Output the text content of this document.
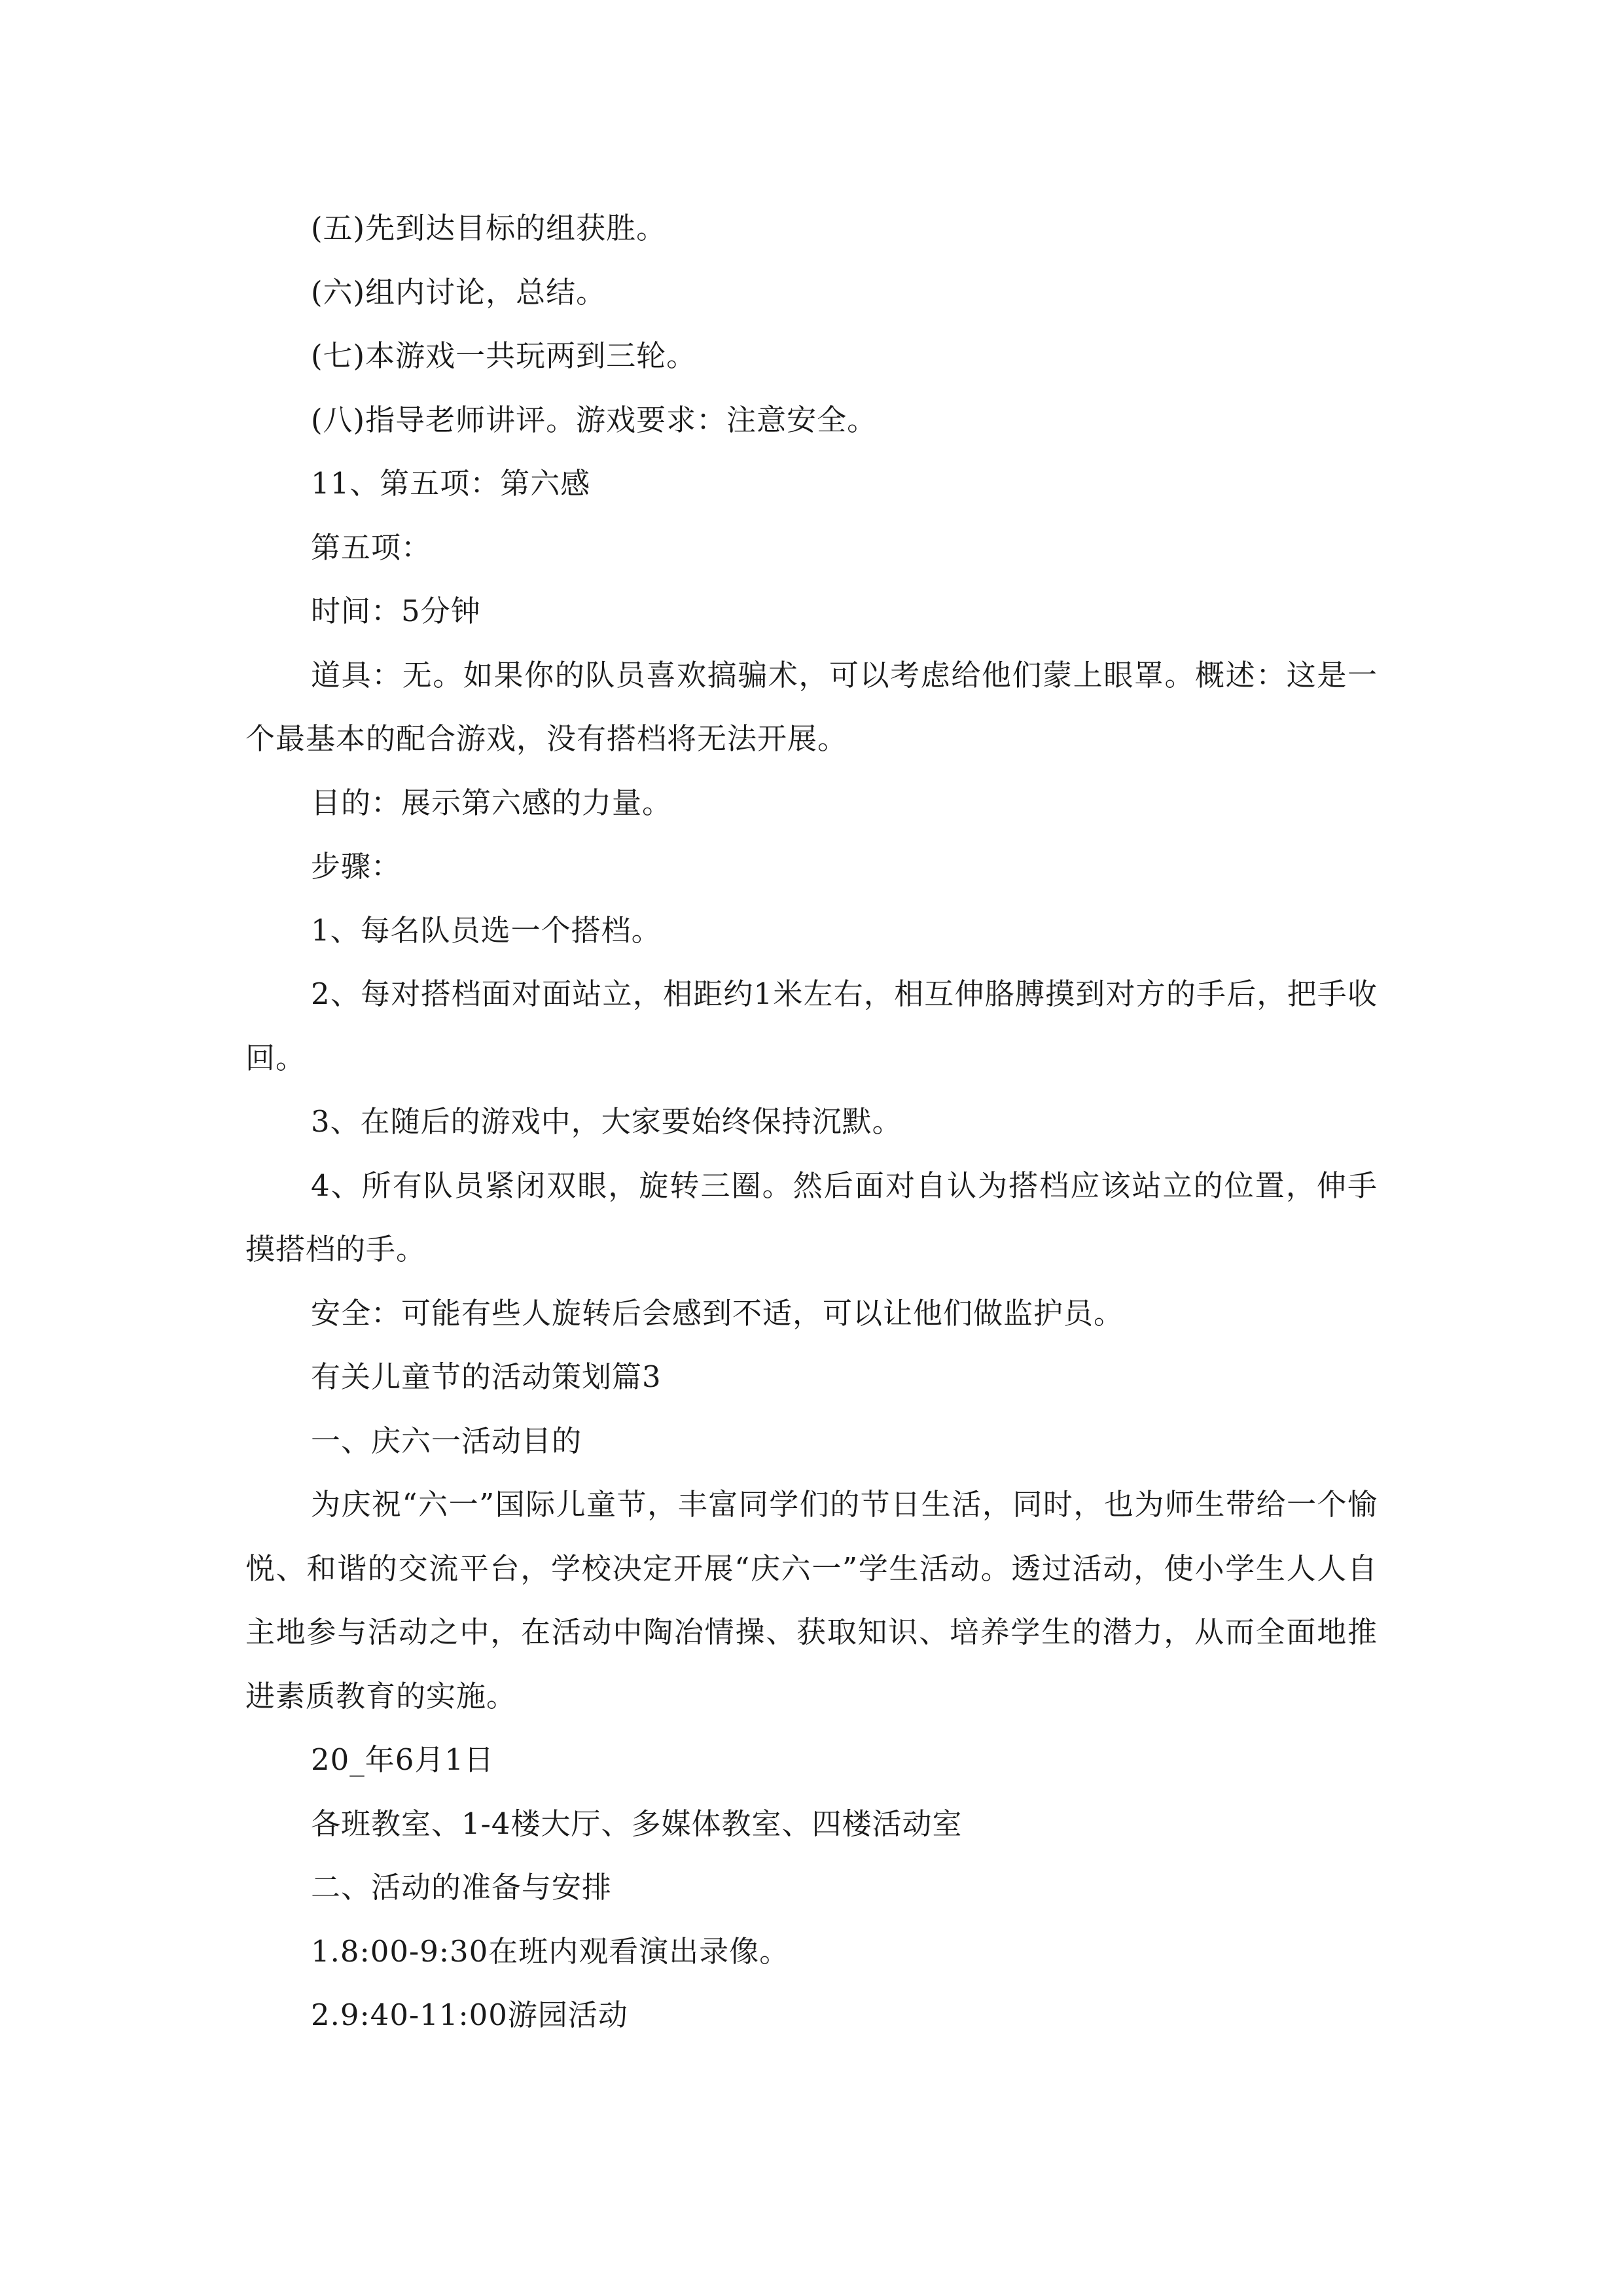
(五)先到达目标的组获胜。

(六)组内讨论，总结。

(七)本游戏一共玩两到三轮。

(八)指导老师讲评。游戏要求：注意安全。

11、第五项：第六感

第五项：

时间：5分钟

道具：无。如果你的队员喜欢搞骗术，可以考虑给他们蒙上眼罩。概述：这是一个最基本的配合游戏，没有搭档将无法开展。

目的：展示第六感的力量。

步骤：

1、每名队员选一个搭档。

2、每对搭档面对面站立，相距约1米左右，相互伸胳膊摸到对方的手后，把手收回。

3、在随后的游戏中，大家要始终保持沉默。

4、所有队员紧闭双眼，旋转三圈。然后面对自认为搭档应该站立的位置，伸手摸搭档的手。

安全：可能有些人旋转后会感到不适，可以让他们做监护员。

有关儿童节的活动策划篇3

一、庆六一活动目的

为庆祝“六一”国际儿童节，丰富同学们的节日生活，同时，也为师生带给一个愉悦、和谐的交流平台，学校决定开展“庆六一”学生活动。透过活动，使小学生人人自主地参与活动之中，在活动中陶冶情操、获取知识、培养学生的潜力，从而全面地推进素质教育的实施。

20_年6月1日

各班教室、1-4楼大厅、多媒体教室、四楼活动室

二、活动的准备与安排

1.8:00-9:30在班内观看演出录像。

2.9:40-11:00游园活动
